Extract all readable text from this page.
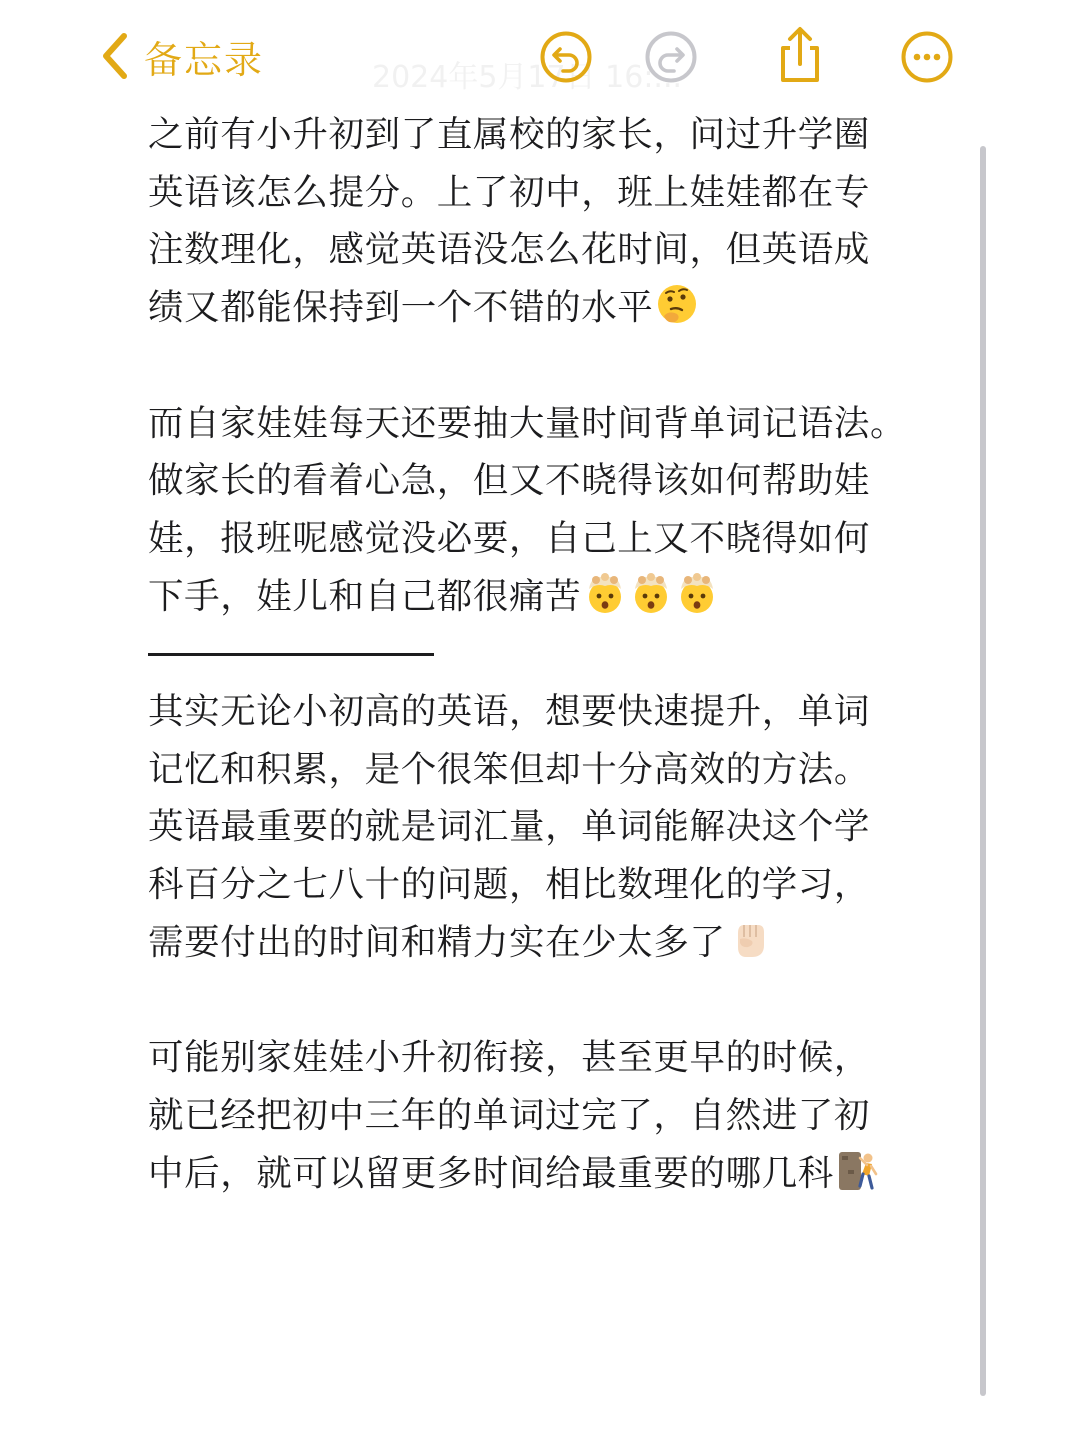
备忘录	2024年5月17日 16:...
之前有小升初到了直属校的家长，问过升学圈
英语该怎么提分。上了初中，班上娃娃都在专
注数理化，感觉英语没怎么花时间，但英语成
绩又都能保持到一个不错的水平
而自家娃娃每天还要抽大量时间背单词记语法。
做家长的看着心急，但又不晓得该如何帮助娃
娃，报班呢感觉没必要，自己上又不晓得如何
下手，娃儿和自己都很痛苦
其实无论小初高的英语，想要快速提升，单词
记忆和积累，是个很笨但却十分高效的方法。
英语最重要的就是词汇量，单词能解决这个学
科百分之七八十的问题，相比数理化的学习，
需要付出的时间和精力实在少太多了
可能别家娃娃小升初衔接，甚至更早的时候，
就已经把初中三年的单词过完了，自然进了初
中后，就可以留更多时间给最重要的哪几科
